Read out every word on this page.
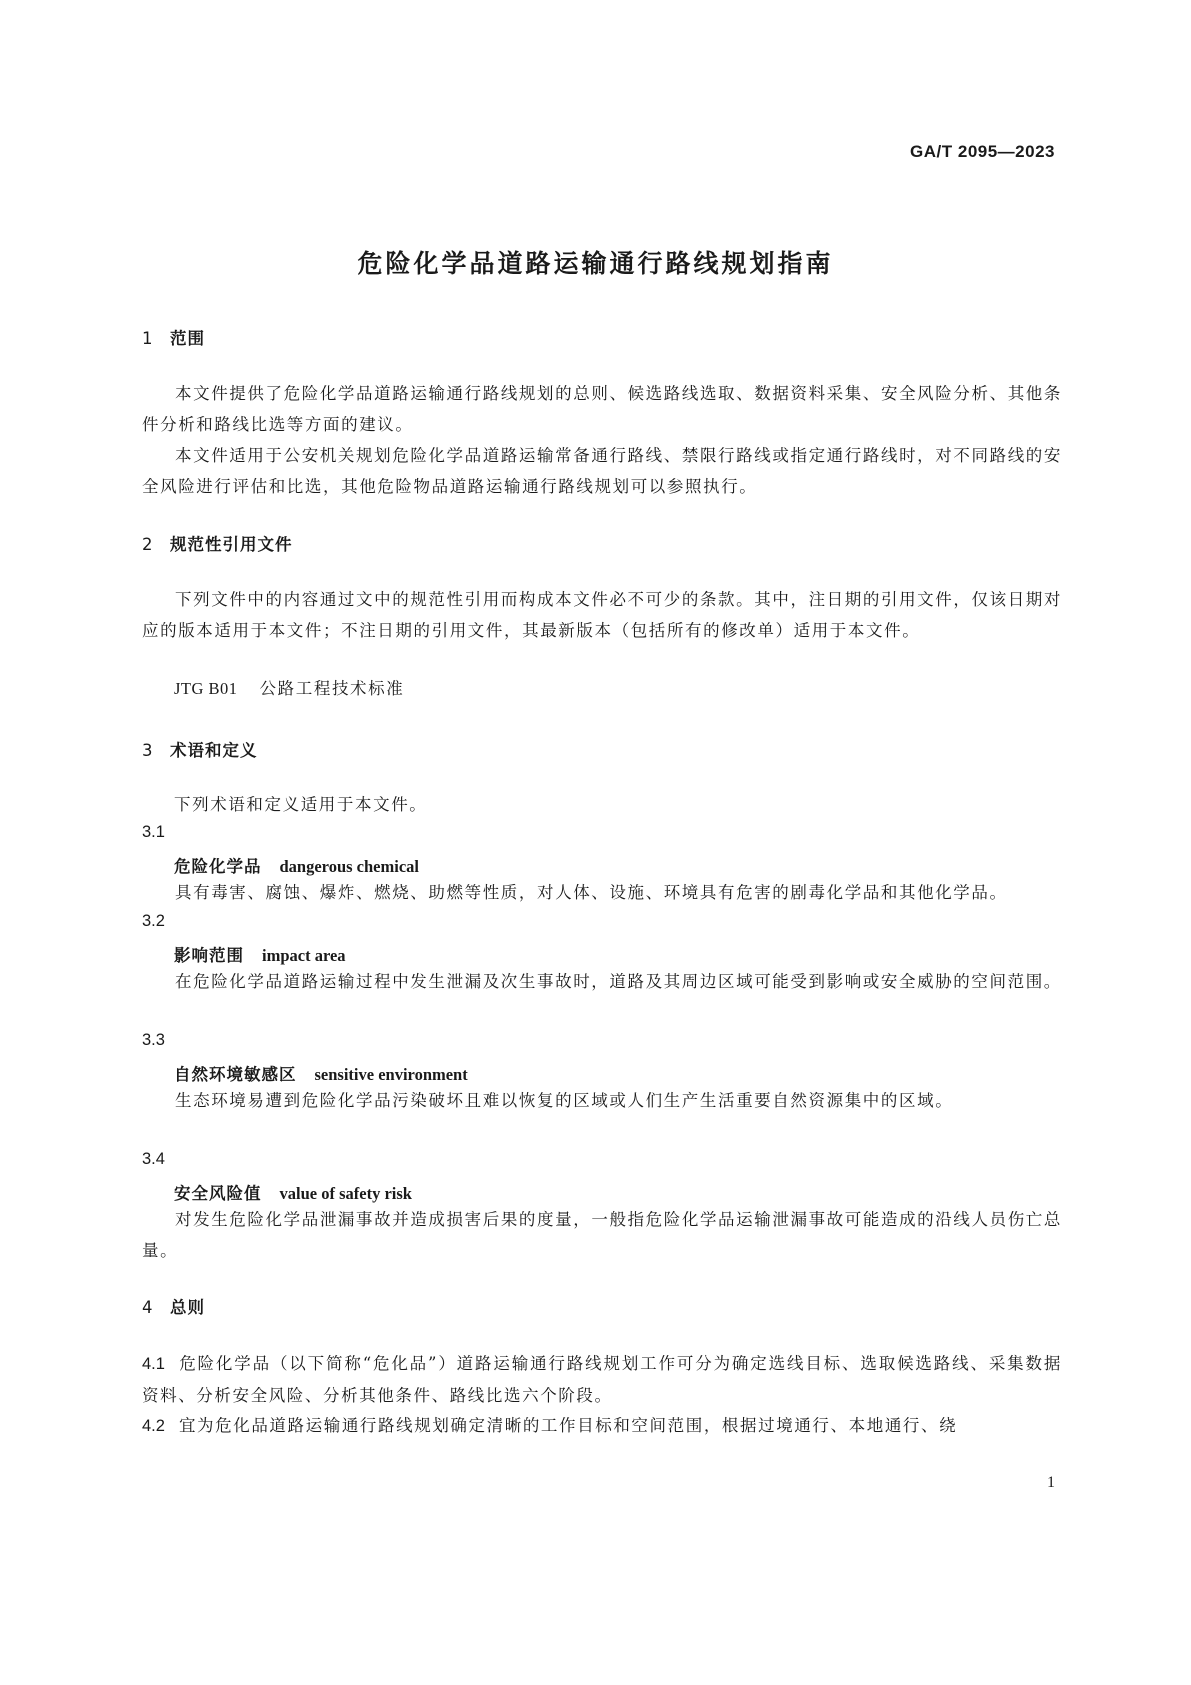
GA/T 2095—2023
危险化学品道路运输通行路线规划指南
1 范围
本文件提供了危险化学品道路运输通行路线规划的总则、候选路线选取、数据资料采集、安全风险分析、其他条件分析和路线比选等方面的建议。
本文件适用于公安机关规划危险化学品道路运输常备通行路线、禁限行路线或指定通行路线时，对不同路线的安全风险进行评估和比选，其他危险物品道路运输通行路线规划可以参照执行。
2 规范性引用文件
下列文件中的内容通过文中的规范性引用而构成本文件必不可少的条款。其中，注日期的引用文件，仅该日期对应的版本适用于本文件；不注日期的引用文件，其最新版本（包括所有的修改单）适用于本文件。
JTG B01 公路工程技术标准
3 术语和定义
下列术语和定义适用于本文件。
3.1
危险化学品 dangerous chemical
具有毒害、腐蚀、爆炸、燃烧、助燃等性质，对人体、设施、环境具有危害的剧毒化学品和其他化学品。
3.2
影响范围 impact area
在危险化学品道路运输过程中发生泄漏及次生事故时，道路及其周边区域可能受到影响或安全威胁的空间范围。
3.3
自然环境敏感区 sensitive environment
生态环境易遭到危险化学品污染破坏且难以恢复的区域或人们生产生活重要自然资源集中的区域。
3.4
安全风险值 value of safety risk
对发生危险化学品泄漏事故并造成损害后果的度量，一般指危险化学品运输泄漏事故可能造成的沿线人员伤亡总量。
4 总则
4.1 危险化学品（以下简称“危化品”）道路运输通行路线规划工作可分为确定选线目标、选取候选路线、采集数据资料、分析安全风险、分析其他条件、路线比选六个阶段。
4.2 宜为危化品道路运输通行路线规划确定清晰的工作目标和空间范围，根据过境通行、本地通行、绕
1
